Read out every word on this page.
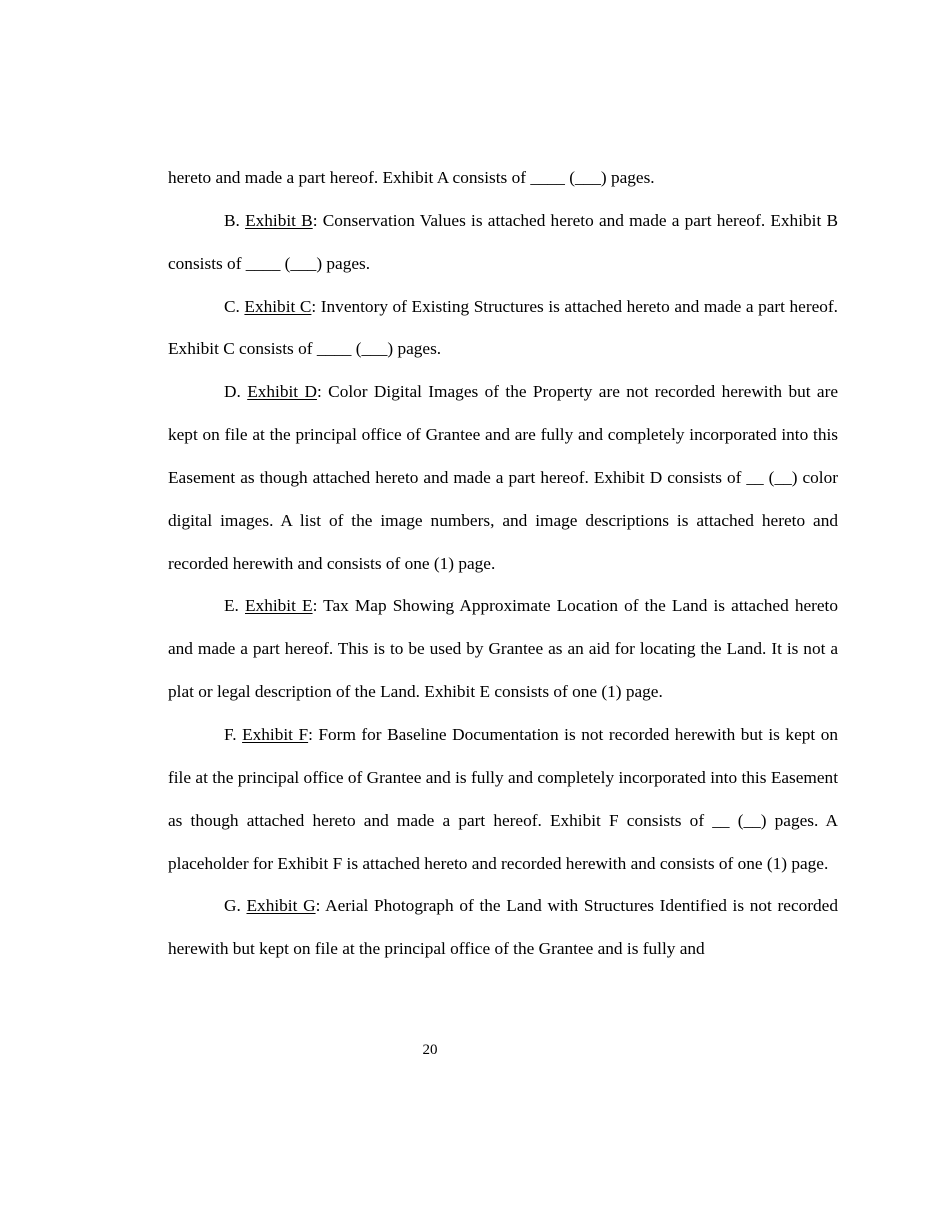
hereto and made a part hereof. Exhibit A consists of ____ (___) pages.

B. Exhibit B: Conservation Values is attached hereto and made a part hereof. Exhibit B consists of ____ (___) pages.

C. Exhibit C: Inventory of Existing Structures is attached hereto and made a part hereof. Exhibit C consists of ____ (___) pages.

D. Exhibit D: Color Digital Images of the Property are not recorded herewith but are kept on file at the principal office of Grantee and are fully and completely incorporated into this Easement as though attached hereto and made a part hereof. Exhibit D consists of __ (__) color digital images. A list of the image numbers, and image descriptions is attached hereto and recorded herewith and consists of one (1) page.

E. Exhibit E: Tax Map Showing Approximate Location of the Land is attached hereto and made a part hereof. This is to be used by Grantee as an aid for locating the Land. It is not a plat or legal description of the Land. Exhibit E consists of one (1) page.

F. Exhibit F: Form for Baseline Documentation is not recorded herewith but is kept on file at the principal office of Grantee and is fully and completely incorporated into this Easement as though attached hereto and made a part hereof. Exhibit F consists of __ (__) pages. A placeholder for Exhibit F is attached hereto and recorded herewith and consists of one (1) page.

G. Exhibit G: Aerial Photograph of the Land with Structures Identified is not recorded herewith but kept on file at the principal office of the Grantee and is fully and

20
